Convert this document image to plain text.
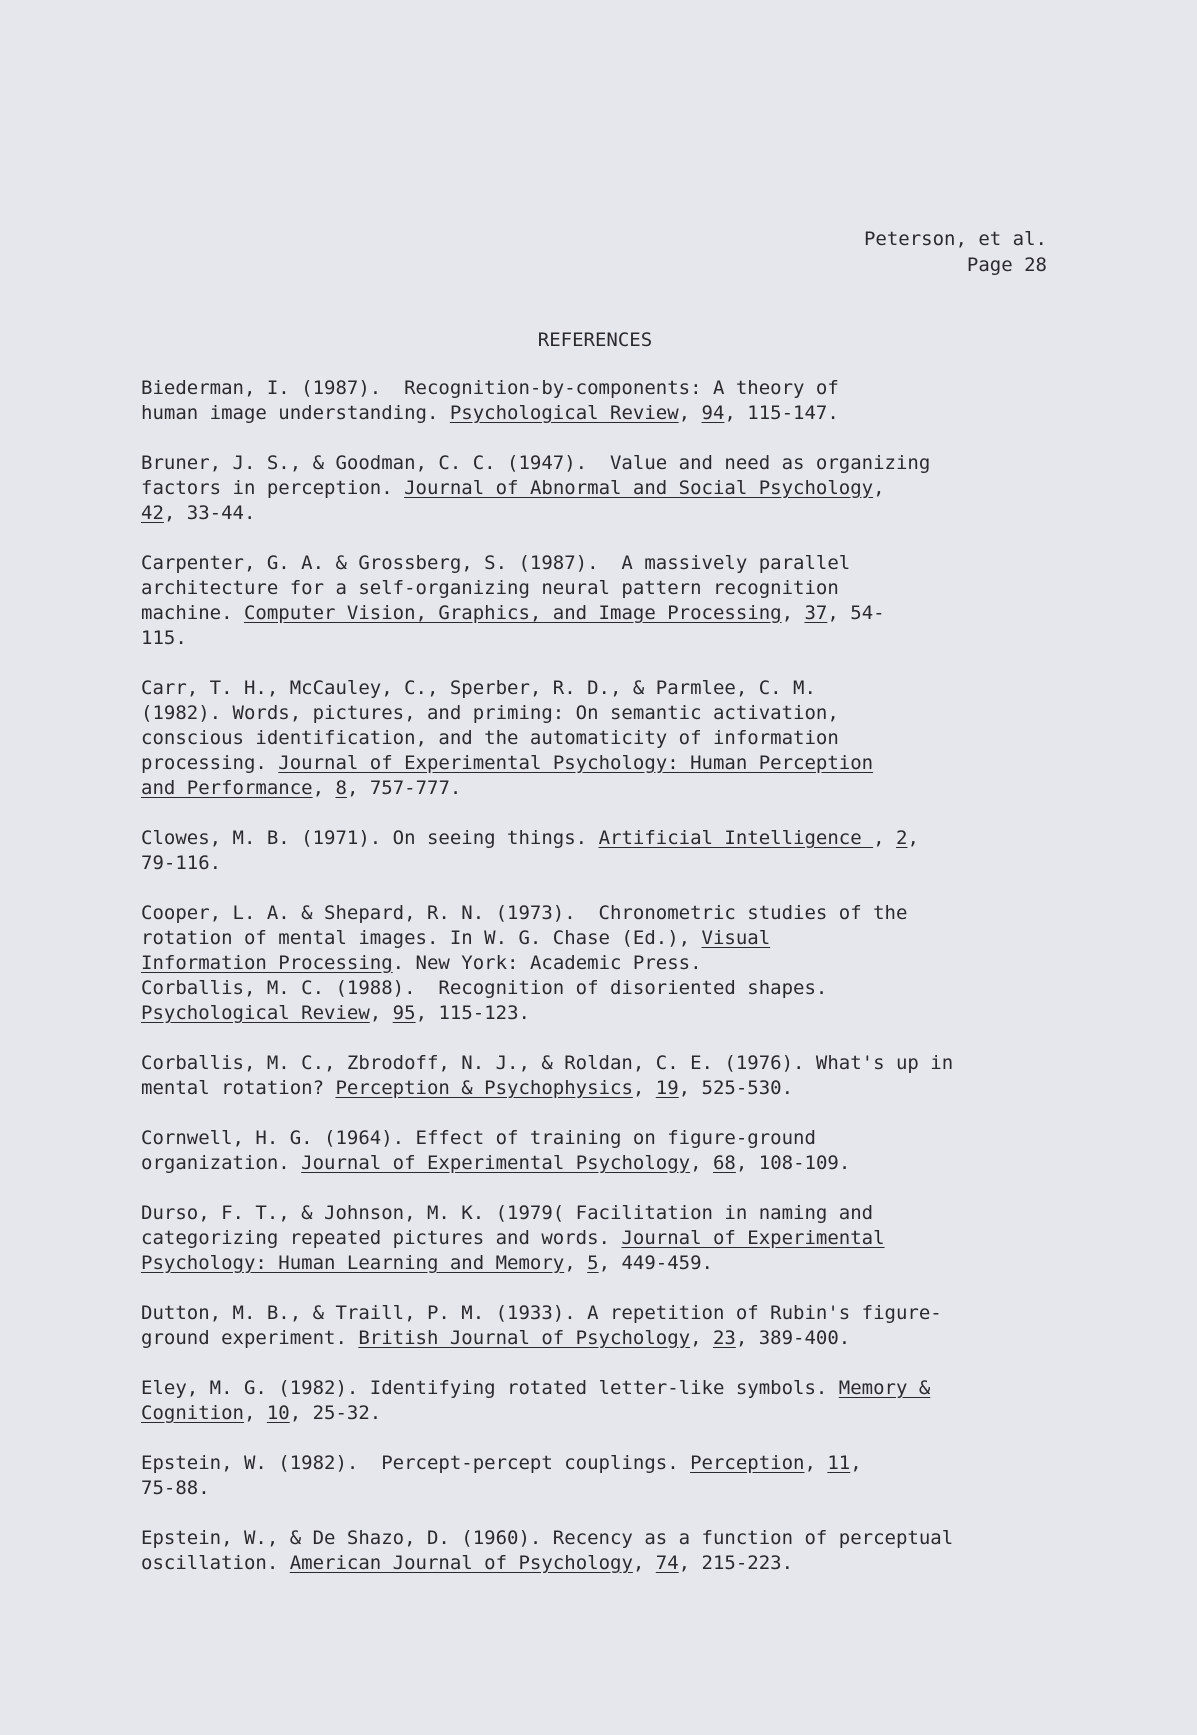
Peterson, et al.
Page 28
REFERENCES
Biederman, I. (1987).  Recognition-by-components: A theory of
human image understanding. Psychological Review, 94, 115-147.
Bruner, J. S., & Goodman, C. C. (1947).  Value and need as organizing
factors in perception. Journal of Abnormal and Social Psychology,
42, 33-44.
Carpenter, G. A. & Grossberg, S. (1987).  A massively parallel
architecture for a self-organizing neural pattern recognition
machine. Computer Vision, Graphics, and Image Processing, 37, 54-
115.
Carr, T. H., McCauley, C., Sperber, R. D., & Parmlee, C. M.
(1982). Words, pictures, and priming: On semantic activation,
conscious identification, and the automaticity of information
processing. Journal of Experimental Psychology: Human Perception
and Performance, 8, 757-777.
Clowes, M. B. (1971). On seeing things. Artificial Intelligence , 2,
79-116.
Cooper, L. A. & Shepard, R. N. (1973).  Chronometric studies of the
rotation of mental images. In W. G. Chase (Ed.), Visual
Information Processing. New York: Academic Press.
Corballis, M. C. (1988).  Recognition of disoriented shapes.
Psychological Review, 95, 115-123.
Corballis, M. C., Zbrodoff, N. J., & Roldan, C. E. (1976). What's up in
mental rotation? Perception & Psychophysics, 19, 525-530.
Cornwell, H. G. (1964). Effect of training on figure-ground
organization. Journal of Experimental Psychology, 68, 108-109.
Durso, F. T., & Johnson, M. K. (1979( Facilitation in naming and
categorizing repeated pictures and words. Journal of Experimental
Psychology: Human Learning and Memory, 5, 449-459.
Dutton, M. B., & Traill, P. M. (1933). A repetition of Rubin's figure-
ground experiment. British Journal of Psychology, 23, 389-400.
Eley, M. G. (1982). Identifying rotated letter-like symbols. Memory &
Cognition, 10, 25-32.
Epstein, W. (1982).  Percept-percept couplings. Perception, 11,
75-88.
Epstein, W., & De Shazo, D. (1960). Recency as a function of perceptual
oscillation. American Journal of Psychology, 74, 215-223.
